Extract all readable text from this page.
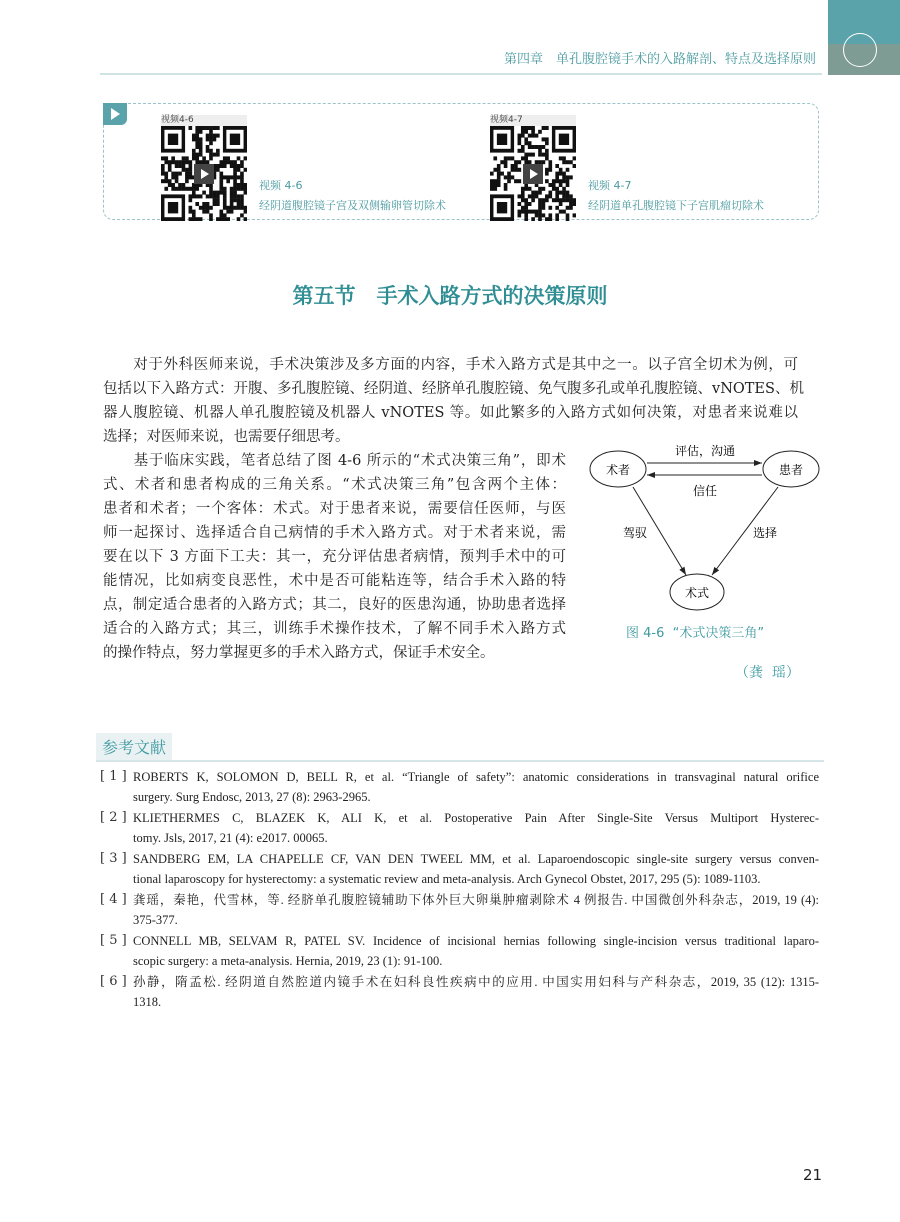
第四章　单孔腹腔镜手术的入路解剖、特点及选择原则
视频4-6
视频 4-6
经阴道腹腔镜子宫及双侧输卵管切除术
视频4-7
视频 4-7
经阴道单孔腹腔镜下子宫肌瘤切除术
第五节　手术入路方式的决策原则
　　对于外科医师来说，手术决策涉及多方面的内容，手术入路方式是其中之一。以子宫全切术为例，可
包括以下入路方式：开腹、多孔腹腔镜、经阴道、经脐单孔腹腔镜、免气腹多孔或单孔腹腔镜、vNOTES、机
器人腹腔镜、机器人单孔腹腔镜及机器人 vNOTES 等。如此繁多的入路方式如何决策，对患者来说难以
选择；对医师来说，也需要仔细思考。
　　基于临床实践，笔者总结了图 4-6 所示的“术式决策三角”，即术
式、术者和患者构成的三角关系。“术式决策三角”包含两个主体：
患者和术者；一个客体：术式。对于患者来说，需要信任医师，与医
师一起探讨、选择适合自己病情的手术入路方式。对于术者来说，需
要在以下 3 方面下工夫：其一，充分评估患者病情，预判手术中的可
能情况，比如病变良恶性，术中是否可能粘连等，结合手术入路的特
点，制定适合患者的入路方式；其二，良好的医患沟通，协助患者选择
适合的入路方式；其三，训练手术操作技术，了解不同手术入路方式
的操作特点，努力掌握更多的手术入路方式，保证手术安全。
术者	患者
术式
评估，沟通
信任
驾驭	选择
图 4-6  “术式决策三角”
（龚  瑶）
参考文献
[ 1 ] ROBERTS K, SOLOMON D, BELL R, et al. “Triangle of safety”: anatomic considerations in transvaginal natural orifice
surgery. Surg Endosc, 2013, 27 (8): 2963-2965.
[ 2 ] KLIETHERMES C, BLAZEK K, ALI K, et al. Postoperative Pain After Single-Site Versus Multiport Hysterec-
tomy. Jsls, 2017, 21 (4): e2017. 00065.
[ 3 ] SANDBERG EM, LA CHAPELLE CF, VAN DEN TWEEL MM, et al. Laparoendoscopic single-site surgery versus conven-
tional laparoscopy for hysterectomy: a systematic review and meta-analysis. Arch Gynecol Obstet, 2017, 295 (5): 1089-1103.
[ 4 ] 龚瑶，秦艳，代雪林，等. 经脐单孔腹腔镜辅助下体外巨大卵巢肿瘤剥除术 4 例报告. 中国微创外科杂志，2019, 19 (4):
375-377.
[ 5 ] CONNELL MB, SELVAM R, PATEL SV. Incidence of incisional hernias following single-incision versus traditional laparo-
scopic surgery: a meta-analysis. Hernia, 2019, 23 (1): 91-100.
[ 6 ] 孙静，隋孟松. 经阴道自然腔道内镜手术在妇科良性疾病中的应用. 中国实用妇科与产科杂志，2019, 35 (12): 1315-
1318.
21
